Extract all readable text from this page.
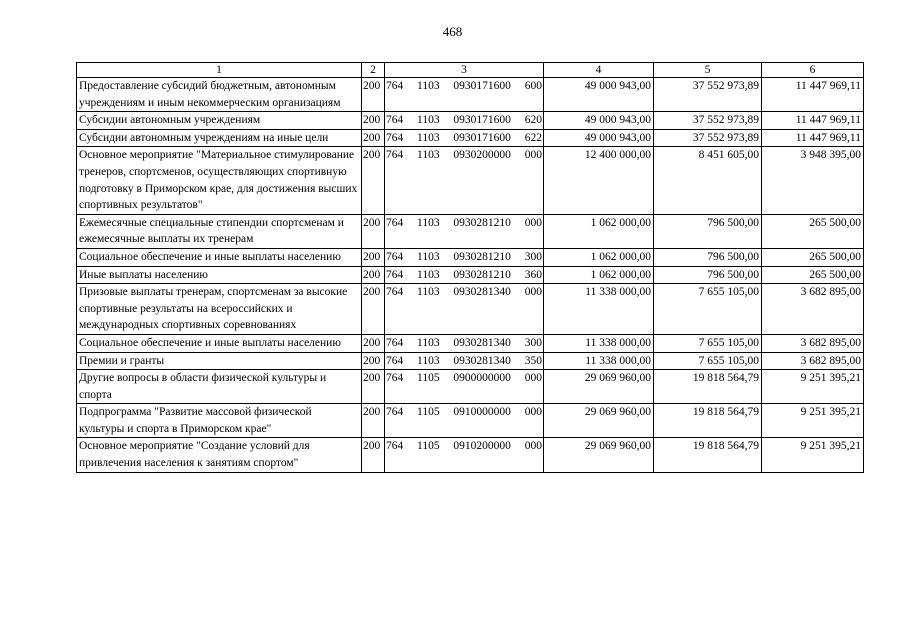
468
1	2	3	4	5	6
Предоставление субсидий бюджетным, автономным учреждениям и иным некоммерческим организациям	200	764 1103 0930171600 600	49 000 943,00	37 552 973,89	11 447 969,11
Субсидии автономным учреждениям	200	764 1103 0930171600 620	49 000 943,00	37 552 973,89	11 447 969,11
Субсидии автономным учреждениям на иные цели	200	764 1103 0930171600 622	49 000 943,00	37 552 973,89	11 447 969,11
Основное мероприятие "Материальное стимулирование тренеров, спортсменов, осуществляющих спортивную подготовку в Приморском крае, для достижения высших спортивных результатов"	200	764 1103 0930200000 000	12 400 000,00	8 451 605,00	3 948 395,00
Ежемесячные специальные стипендии спортсменам и ежемесячные выплаты их тренерам	200	764 1103 0930281210 000	1 062 000,00	796 500,00	265 500,00
Социальное обеспечение и иные выплаты населению	200	764 1103 0930281210 300	1 062 000,00	796 500,00	265 500,00
Иные выплаты населению	200	764 1103 0930281210 360	1 062 000,00	796 500,00	265 500,00
Призовые выплаты тренерам, спортсменам за высокие спортивные результаты на всероссийских и международных спортивных соревнованиях	200	764 1103 0930281340 000	11 338 000,00	7 655 105,00	3 682 895,00
Социальное обеспечение и иные выплаты населению	200	764 1103 0930281340 300	11 338 000,00	7 655 105,00	3 682 895,00
Премии и гранты	200	764 1103 0930281340 350	11 338 000,00	7 655 105,00	3 682 895,00
Другие вопросы в области физической культуры и спорта	200	764 1105 0900000000 000	29 069 960,00	19 818 564,79	9 251 395,21
Подпрограмма "Развитие массовой физической культуры и спорта в Приморском крае"	200	764 1105 0910000000 000	29 069 960,00	19 818 564,79	9 251 395,21
Основное мероприятие "Создание условий для привлечения населения к занятиям спортом"	200	764 1105 0910200000 000	29 069 960,00	19 818 564,79	9 251 395,21
